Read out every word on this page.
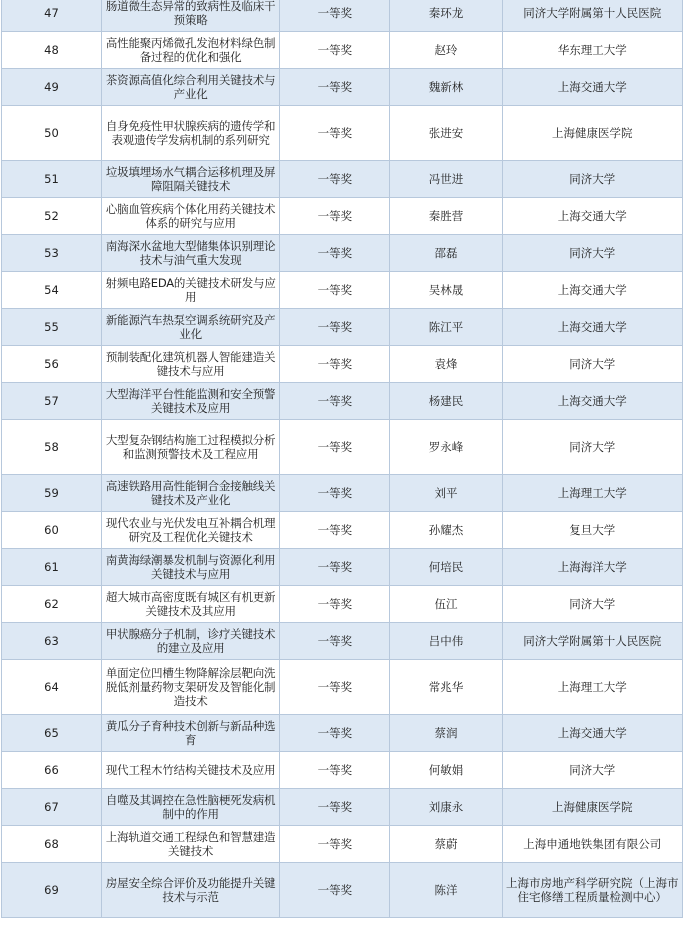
47	肠道微生态异常的致病性及临床干预策略	一等奖	秦环龙	同济大学附属第十人民医院
48	高性能聚丙烯微孔发泡材料绿色制备过程的优化和强化	一等奖	赵玲	华东理工大学
49	茶资源高值化综合利用关键技术与产业化	一等奖	魏新林	上海交通大学
50	自身免疫性甲状腺疾病的遗传学和表观遗传学发病机制的系列研究	一等奖	张进安	上海健康医学院
51	垃圾填埋场水气耦合运移机理及屏障阻隔关键技术	一等奖	冯世进	同济大学
52	心脑血管疾病个体化用药关键技术体系的研究与应用	一等奖	秦胜营	上海交通大学
53	南海深水盆地大型储集体识别理论技术与油气重大发现	一等奖	邵磊	同济大学
54	射频电路EDA的关键技术研发与应用	一等奖	吴林晟	上海交通大学
55	新能源汽车热泵空调系统研究及产业化	一等奖	陈江平	上海交通大学
56	预制装配化建筑机器人智能建造关键技术与应用	一等奖	袁烽	同济大学
57	大型海洋平台性能监测和安全预警关键技术及应用	一等奖	杨建民	上海交通大学
58	大型复杂钢结构施工过程模拟分析和监测预警技术及工程应用	一等奖	罗永峰	同济大学
59	高速铁路用高性能铜合金接触线关键技术及产业化	一等奖	刘平	上海理工大学
60	现代农业与光伏发电互补耦合机理研究及工程优化关键技术	一等奖	孙耀杰	复旦大学
61	南黄海绿潮暴发机制与资源化利用关键技术与应用	一等奖	何培民	上海海洋大学
62	超大城市高密度既有城区有机更新关键技术及其应用	一等奖	伍江	同济大学
63	甲状腺癌分子机制，诊疗关键技术的建立及应用	一等奖	吕中伟	同济大学附属第十人民医院
64	单面定位凹槽生物降解涂层靶向洗脱低剂量药物支架研发及智能化制造技术	一等奖	常兆华	上海理工大学
65	黄瓜分子育种技术创新与新品种选育	一等奖	蔡润	上海交通大学
66	现代工程木竹结构关键技术及应用	一等奖	何敏娟	同济大学
67	自噬及其调控在急性脑梗死发病机制中的作用	一等奖	刘康永	上海健康医学院
68	上海轨道交通工程绿色和智慧建造关键技术	一等奖	蔡蔚	上海申通地铁集团有限公司
69	房屋安全综合评价及功能提升关键技术与示范	一等奖	陈洋	上海市房地产科学研究院（上海市住宅修缮工程质量检测中心）
